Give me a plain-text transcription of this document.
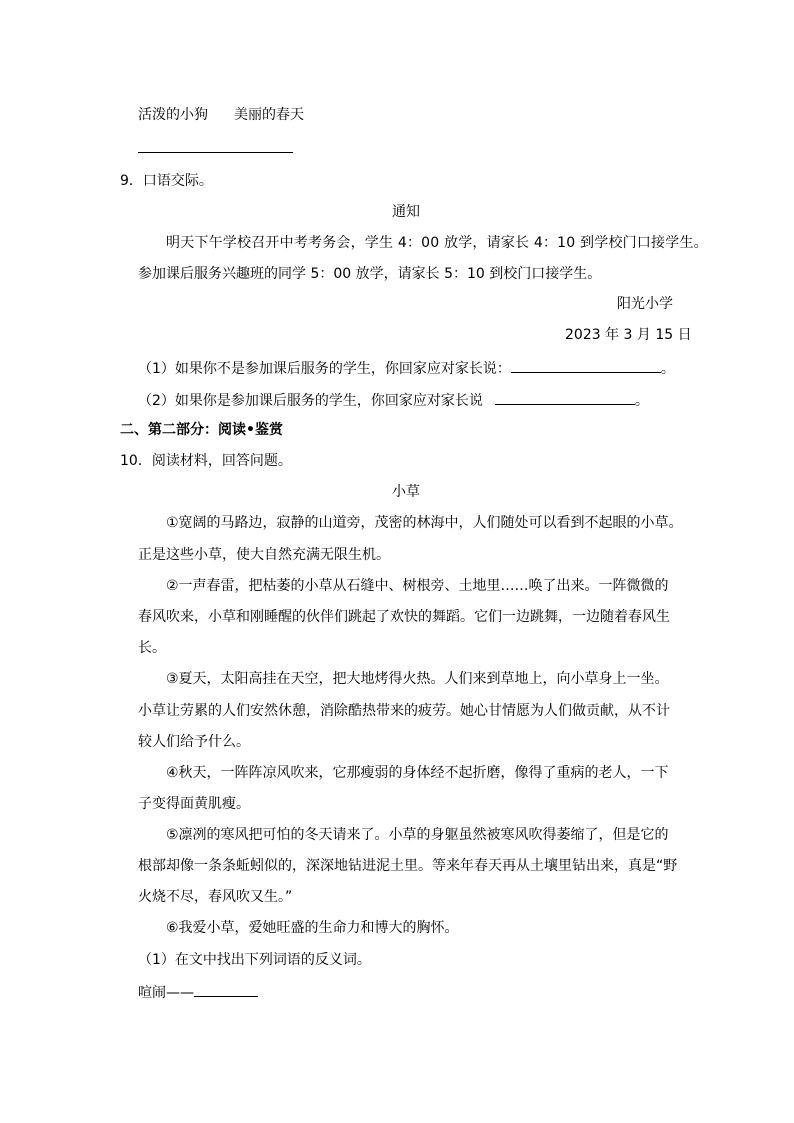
活泼的小狗 美丽的春天
9．口语交际。
通知
明天下午学校召开中考考务会，学生 4：00 放学，请家长 4：10 到学校门口接学生。
参加课后服务兴趣班的同学 5：00 放学，请家长 5：10 到校门口接学生。
阳光小学
2023 年 3 月 15 日
（1）如果你不是参加课后服务的学生，你回家应对家长说：	。
（2）如果你是参加课后服务的学生，你回家应对家长说	。
二、第二部分：阅读•鉴赏
10．阅读材料，回答问题。
小草
①宽阔的马路边，寂静的山道旁，茂密的林海中，人们随处可以看到不起眼的小草。
正是这些小草，使大自然充满无限生机。
②一声春雷，把枯萎的小草从石缝中、树根旁、土地里……唤了出来。一阵微微的
春风吹来，小草和刚睡醒的伙伴们跳起了欢快的舞蹈。它们一边跳舞，一边随着春风生
长。
③夏天，太阳高挂在天空，把大地烤得火热。人们来到草地上，向小草身上一坐。
小草让劳累的人们安然休憩，消除酷热带来的疲劳。她心甘情愿为人们做贡献，从不计
较人们给予什么。
④秋天，一阵阵凉风吹来，它那瘦弱的身体经不起折磨，像得了重病的老人，一下
子变得面黄肌瘦。
⑤凛冽的寒风把可怕的冬天请来了。小草的身躯虽然被寒风吹得萎缩了，但是它的
根部却像一条条蚯蚓似的，深深地钻进泥土里。等来年春天再从土壤里钻出来，真是“野
火烧不尽，春风吹又生。”
⑥我爱小草，爱她旺盛的生命力和博大的胸怀。
（1）在文中找出下列词语的反义词。
喧闹——
